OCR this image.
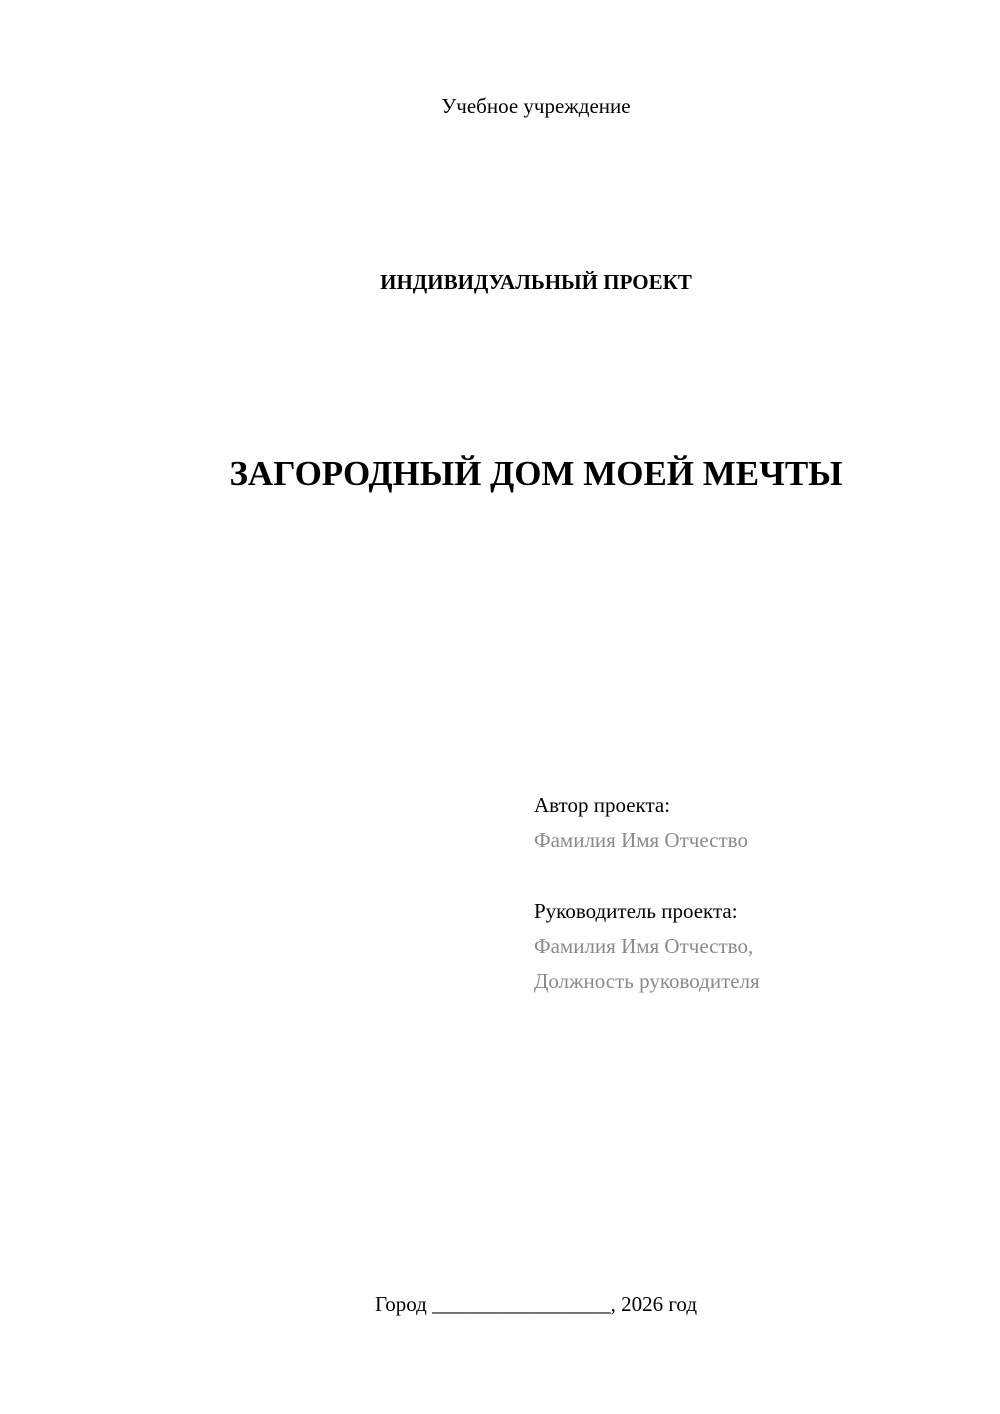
Учебное учреждение
ИНДИВИДУАЛЬНЫЙ ПРОЕКТ
ЗАГОРОДНЫЙ ДОМ МОЕЙ МЕЧТЫ
Автор проекта:
Фамилия Имя Отчество
Руководитель проекта:
Фамилия Имя Отчество,
Должность руководителя
Город _________________, 2026 год
